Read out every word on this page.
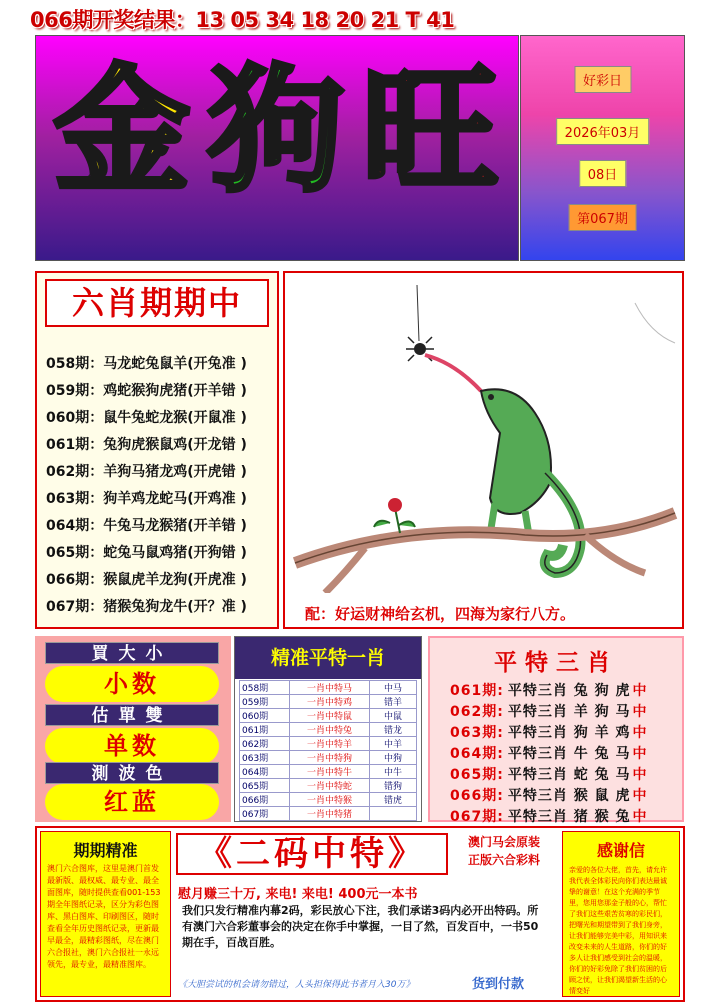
066期开奖结果：13 05 34 18 20 21 T 41
金 狗 旺	好彩日
2026年03月
08日
第067期
六肖期期中
058期：马龙蛇兔鼠羊(开兔准 )
059期：鸡蛇猴狗虎猪(开羊错 )
060期：鼠牛兔蛇龙猴(开鼠准 )
061期：兔狗虎猴鼠鸡(开龙错 )
062期：羊狗马猪龙鸡(开虎错 )
063期：狗羊鸡龙蛇马(开鸡准 )
064期：牛兔马龙猴猪(开羊错 )
065期：蛇兔马鼠鸡猪(开狗错 )
066期：猴鼠虎羊龙狗(开虎准 )
067期：猪猴兔狗龙牛(开？准 )	配：好运财神给玄机，四海为家行八方。
買大小
小数
估單雙
单数
測波色
红蓝
精准平特一肖
058期	一肖中特马	中马
059期	一肖中特鸡	错羊
060期	一肖中特鼠	中鼠
061期	一肖中特兔	错龙
062期	一肖中特羊	中羊
063期	一肖中特狗	中狗
064期	一肖中特牛	中牛
065期	一肖中特蛇	错狗
066期	一肖中特猴	错虎
067期	一肖中特猪	
平特三肖
061期: 平特三肖 兔 狗 虎 中
062期: 平特三肖 羊 狗 马 中
063期: 平特三肖 狗 羊 鸡 中
064期: 平特三肖 牛 兔 马 中
065期: 平特三肖 蛇 兔 马 中
066期: 平特三肖 猴 鼠 虎 中
067期: 平特三肖 猪 猴 兔 中
期期精准

澳门六合图库，这里是澳门首发最新版、最权威、最专业、最全面图库，随时提供查看001-153期全年图纸记录，区分为彩色图库、黑白图库、印刷图区，随时查看全年历史图纸记录，更新最早最全，最精彩图纸，尽在澳门六合报社，澳门六合报社一永远领先，最专业，最精准图库。

《二码中特》	澳门马会原装
正版六合彩料
慰月赚三十万, 来电! 来电! 400元一本书
我们只发行精准内幕2码，彩民放心下注，我们承诺3码内必开出特码。所有澳门六合彩董事会的决定在你手中掌握，一目了然，百发百中，一书50期在手，百战百胜。
《大胆尝试的机会请勿错过，人头担保得此书者月入30万》	货到付款
感谢信

亲爱的各位大佬，首先，请允许我代表全体彩民向你们表达最诚挚的谢意！在这个充满的季节里，您用您那金子般的心，帮忙了我们这些艰苦贫寒的彩民们，把曙光和期望带到了我们身旁，让我们能够完美中彩，用知识来改变未来的人生道路，你们的好多人让我们感受到社会的温暖，你们的好彩免除了我们贫困的后顾之忧，让我们渴望新生活的心情变好
